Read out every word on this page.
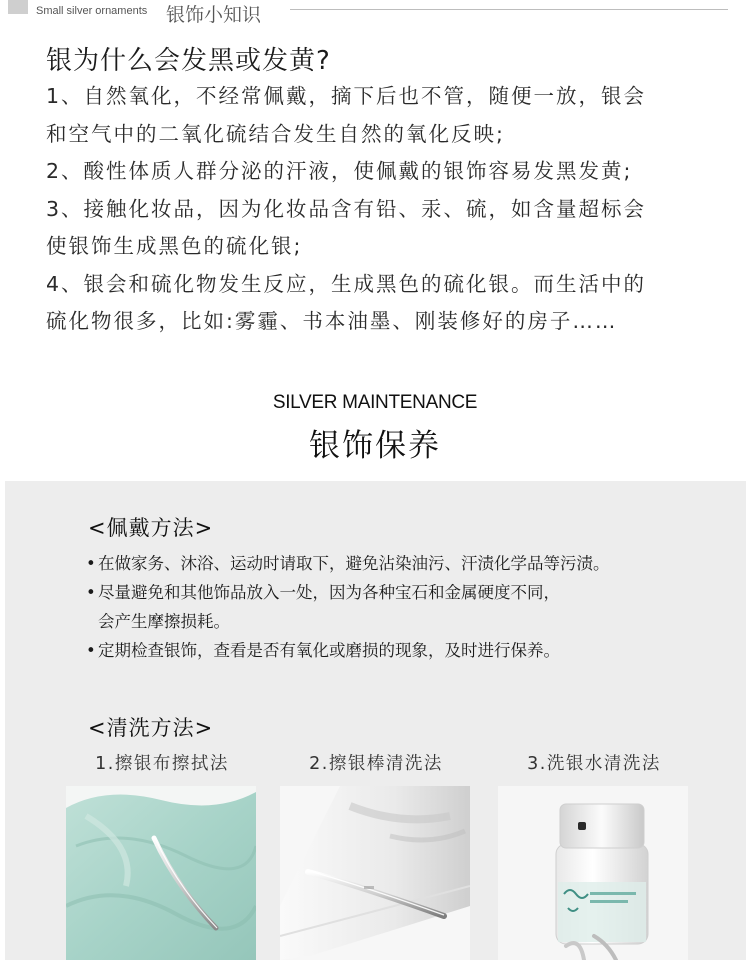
Small silver ornaments 银饰小知识
银为什么会发黑或发黄?

1、自然氧化，不经常佩戴，摘下后也不管，随便一放，银会

和空气中的二氧化硫结合发生自然的氧化反映;

2、酸性体质人群分泌的汗液，使佩戴的银饰容易发黑发黄;

3、接触化妆品，因为化妆品含有铅、汞、硫，如含量超标会

使银饰生成黑色的硫化银;

4、银会和硫化物发生反应，生成黑色的硫化银。而生活中的

硫化物很多，比如:雾霾、书本油墨、刚装修好的房子……

SILVER MAINTENANCE
银饰保养
<佩戴方法>
• 在做家务、沐浴、运动时请取下，避免沾染油污、汗渍化学品等污渍。
• 尽量避免和其他饰品放入一处，因为各种宝石和金属硬度不同，
会产生摩擦损耗。
• 定期检查银饰，查看是否有氧化或磨损的现象，及时进行保养。
<清洗方法>
1.擦银布擦拭法	2.擦银棒清洗法	3.洗银水清洗法
